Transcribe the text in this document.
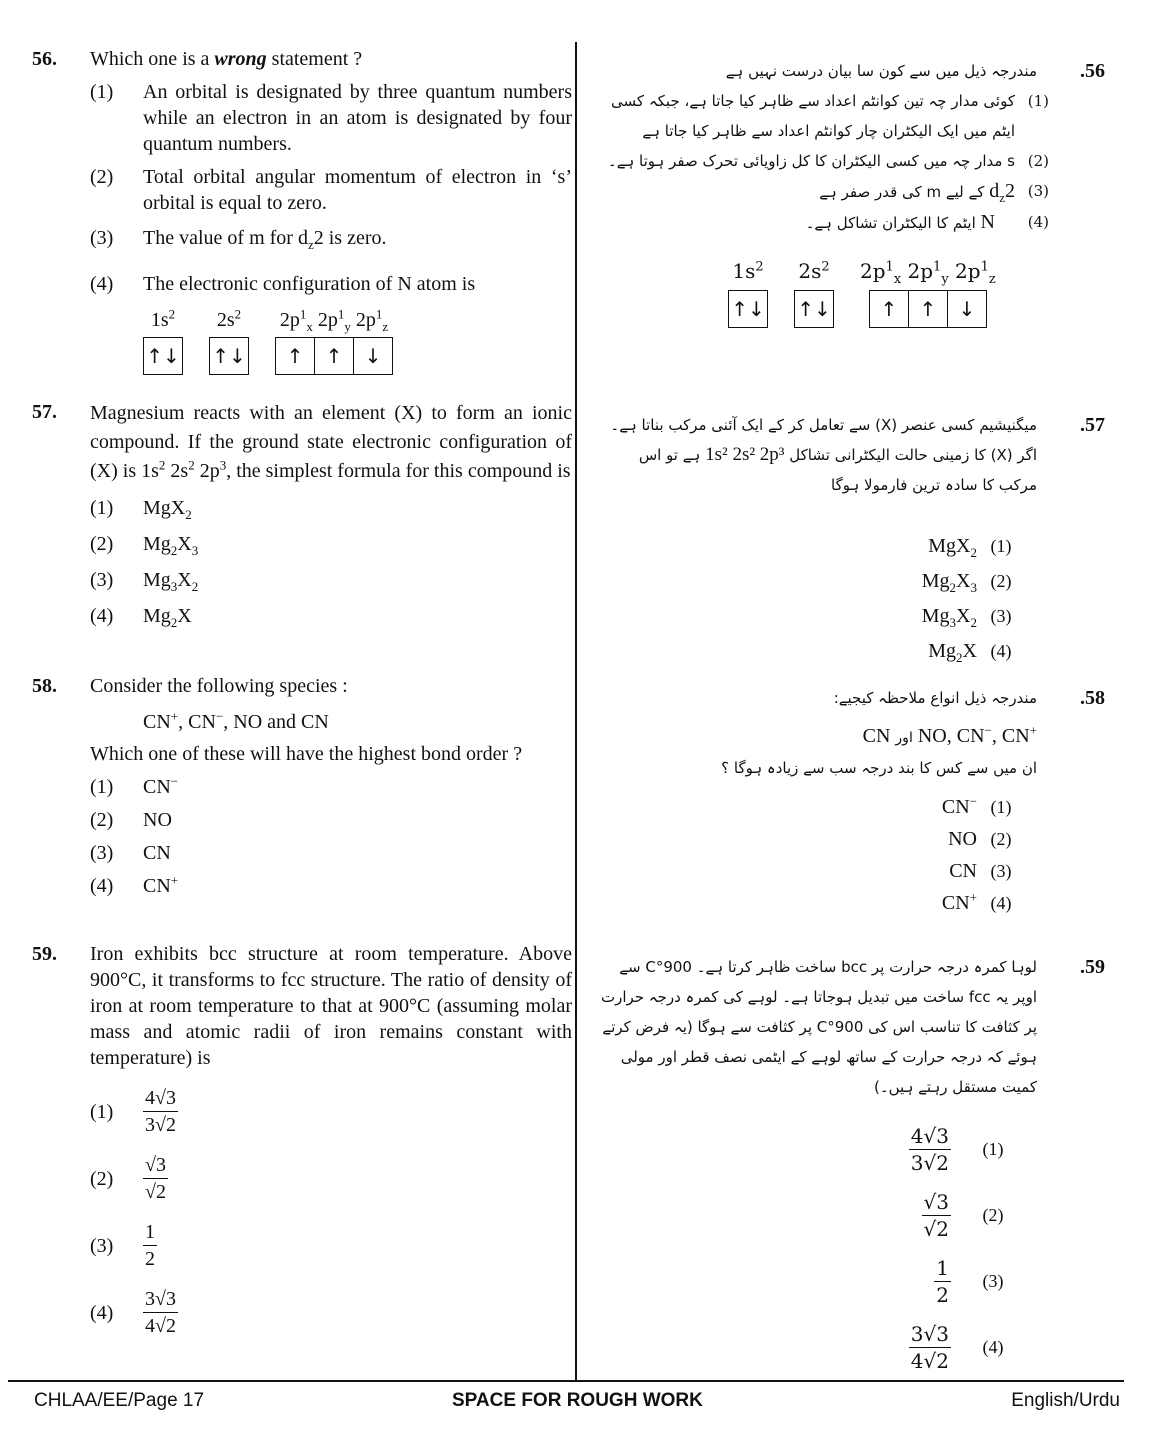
CHLAA/EE/Page 17	SPACE FOR ROUGH WORK	English/Urdu
56. Which one is a wrong statement ?
(1) An orbital is designated by three quantum numbers while an electron in an atom is designated by four quantum numbers.
(2) Total orbital angular momentum of electron in ‘s’ orbital is equal to zero.
(3) The value of m for $d_z2$ is zero.
(4) The electronic configuration of N atom is
$1s^2$
↑ ↓
$2s^2$
↑ ↓
$2p^1_x$ $2p^1_y$ $2p^1_z$
↑ ↑ ↓
57. Magnesium reacts with an element (X) to form an ionic compound. If the ground state electronic configuration of (X) is $1s^2$ $2s^2$ $2p^3$, the simplest formula for this compound is
(1) MgX$_2$
(2) $Mg_2X_3$
(3) $Mg_3X_2$
(4) $Mg_2X$
58. Consider the following species :
CN+, CN−, NO and CN
Which one of these will have the highest bond order ?
(1) CN−
(2) NO
(3) CN
(4) CN+
59. Iron exhibits bcc structure at room temperature. Above 900°C, it transforms to fcc structure. The ratio of density of iron at room temperature to that at 900°C (assuming molar mass and atomic radii of iron remains constant with temperature) is
(1)	$\frac{4√3}{3√2}$
(2)	$\frac{√3}{√2}$
(3)	$\frac{1}{2}$
(4)	$\frac{3√3}{4√2}$
.56
مندرجہ ذیل میں سے کون سا بیان درست نہیں ہے
(1)
کوئی مدار چہ تین کوانٹم اعداد سے ظاہر کیا جاتا ہے، جبکہ کسی ایٹم میں ایک الیکٹران چار کوانٹم اعداد سے ظاہر کیا جاتا ہے
(2)
s مدار چہ میں کسی الیکٹران کا کل زاویائی تحرک صفر ہوتا ہے۔
(3)
$d_z2$ کے لیے m کی قدر صفر ہے
(4)
N ایٹم کا الیکٹران تشاکل ہے۔
$1s^2$
↑ ↓
$2s^2$
↑ ↓
$2p^1_x$ $2p^1_y$ $2p^1_z$
↑ ↑ ↓
.57
میگنیشیم کسی عنصر (X) سے تعامل کر کے ایک آئنی مرکب بناتا ہے۔ اگر (X) کا زمینی حالت الیکٹرانی تشاکل 1s² 2s² 2p³ ہے تو اس مرکب کا سادہ ترین فارمولا ہوگا
MgX$_2$ (1)
$Mg_2X_3$ (2)
$Mg_3X_2$ (3)
$Mg_2X$ (4)
.58
مندرجہ ذیل انواع ملاحظہ کیجیے:
CN اور NO, CN−, CN+
ان میں سے کس کا بند درجہ سب سے زیادہ ہوگا ؟
CN− (1)
NO (2)
CN (3)
CN+ (4)
.59
لوہا کمرہ درجہ حرارت پر bcc ساخت ظاہر کرتا ہے۔ 900°C سے اوپر یہ fcc ساخت میں تبدیل ہوجاتا ہے۔ لوہے کی کمرہ درجہ حرارت پر کثافت کا تناسب اس کی 900°C پر کثافت سے ہوگا (یہ فرض کرتے ہوئے کہ درجہ حرارت کے ساتھ لوہے کے ایٹمی نصف قطر اور مولی کمیت مستقل رہتے ہیں۔)
$\frac{4√3}{3√2}$	(1)
$\frac{√3}{√2}$	(2)
$\frac{1}{2}$	(3)
$\frac{3√3}{4√2}$	(4)
